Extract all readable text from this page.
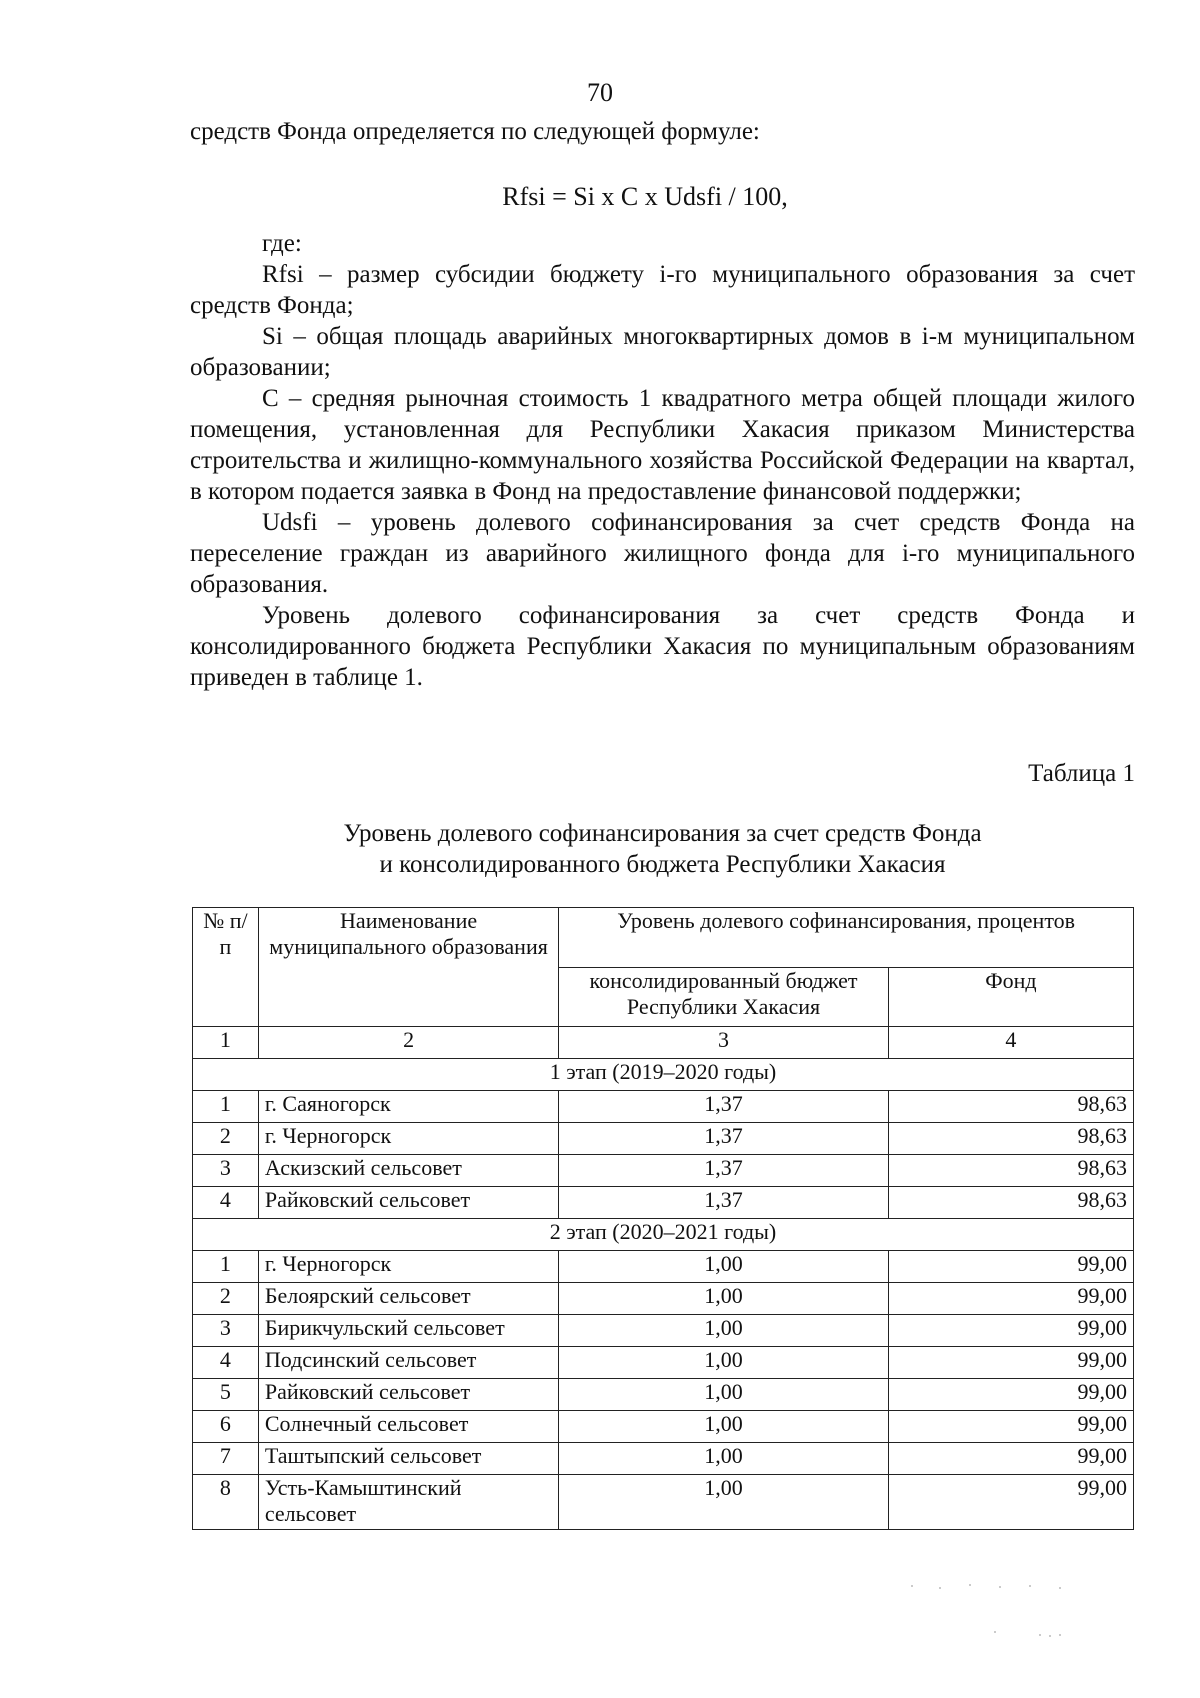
70

средств Фонда определяется по следующей формуле:

Rfsi = Si x C x Udsfi / 100,

где:

Rfsi – размер субсидии бюджету i-го муниципального образования за счет средств Фонда;

Si – общая площадь аварийных многоквартирных домов в i-м муниципальном образовании;

С – средняя рыночная стоимость 1 квадратного метра общей площади жилого помещения, установленная для Республики Хакасия приказом Министерства строительства и жилищно-коммунального хозяйства Российской Федерации на квартал, в котором подается заявка в Фонд на предоставление финансовой поддержки;

Udsfi – уровень долевого софинансирования за счет средств Фонда на переселение граждан из аварийного жилищного фонда для i-го муниципального образования.

Уровень долевого софинансирования за счет средств Фонда и консолидированного бюджета Республики Хакасия по муниципальным образованиям приведен в таблице 1.

Таблица 1
Уровень долевого софинансирования за счет средств Фонда
и консолидированного бюджета Республики Хакасия
№ п/п	Наименование муниципального образования	Уровень долевого софинансирования, процентов	
		консолидированный бюджет Республики Хакасия	Фонд
1	2	3	4
1 этап (2019–2020 годы)			
1	г. Саяногорск	1,37	98,63
2	г. Черногорск	1,37	98,63
3	Аскизский сельсовет	1,37	98,63
4	Райковский сельсовет	1,37	98,63
2 этап (2020–2021 годы)			
1	г. Черногорск	1,00	99,00
2	Белоярский сельсовет	1,00	99,00
3	Бирикчульский сельсовет	1,00	99,00
4	Подсинский сельсовет	1,00	99,00
5	Райковский сельсовет	1,00	99,00
6	Солнечный сельсовет	1,00	99,00
7	Таштыпский сельсовет	1,00	99,00
8	Усть-Камыштинский сельсовет	1,00	99,00
